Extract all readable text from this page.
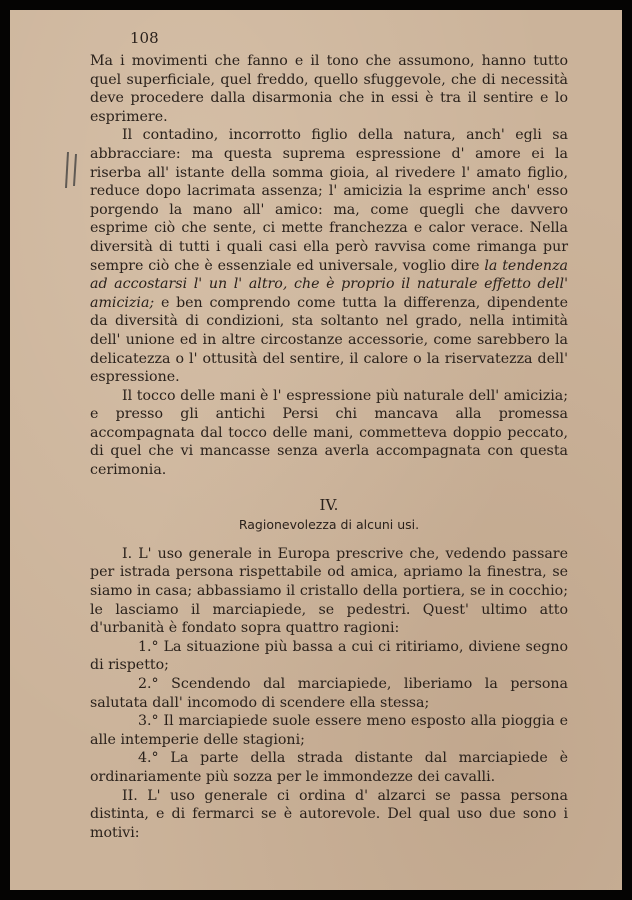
108

Ma i movimenti che fanno e il tono che assumono, hanno tutto quel superficiale, quel freddo, quello sfuggevole, che di necessità deve procedere dalla disarmonia che in essi è tra il sentire e lo esprimere.

Il contadino, incorrotto figlio della natura, anch' egli sa abbracciare: ma questa suprema espressione d' amore ei la riserba all' istante della somma gioia, al rivedere l' amato figlio, reduce dopo lacrimata assenza; l' amicizia la esprime anch' esso porgendo la mano all' amico: ma, come quegli che davvero esprime ciò che sente, ci mette franchezza e calor verace. Nella diversità di tutti i quali casi ella però ravvisa come rimanga pur sempre ciò che è essenziale ed universale, voglio dire la tendenza ad accostarsi l' un l' altro, che è proprio il naturale effetto dell' amicizia; e ben comprendo come tutta la differenza, dipendente da diversità di condizioni, sta soltanto nel grado, nella intimità dell' unione ed in altre circostanze accessorie, come sarebbero la delicatezza o l' ottusità del sentire, il calore o la riservatezza dell' espressione.

Il tocco delle mani è l' espressione più naturale dell' amicizia; e presso gli antichi Persi chi mancava alla promessa accompagnata dal tocco delle mani, commetteva doppio peccato, di quel che vi mancasse senza averla accompagnata con questa cerimonia.

IV.
Ragionevolezza di alcuni usi.

I. L' uso generale in Europa prescrive che, vedendo passare per istrada persona rispettabile od amica, apriamo la finestra, se siamo in casa; abbassiamo il cristallo della portiera, se in cocchio; le lasciamo il marciapiede, se pedestri. Quest' ultimo atto d'urbanità è fondato sopra quattro ragioni:

1.° La situazione più bassa a cui ci ritiriamo, diviene segno di rispetto;

2.° Scendendo dal marciapiede, liberiamo la persona salutata dall' incomodo di scendere ella stessa;

3.° Il marciapiede suole essere meno esposto alla pioggia e alle intemperie delle stagioni;

4.° La parte della strada distante dal marciapiede è ordinariamente più sozza per le immondezze dei cavalli.

II. L' uso generale ci ordina d' alzarci se passa persona distinta, e di fermarci se è autorevole. Del qual uso due sono i motivi:
